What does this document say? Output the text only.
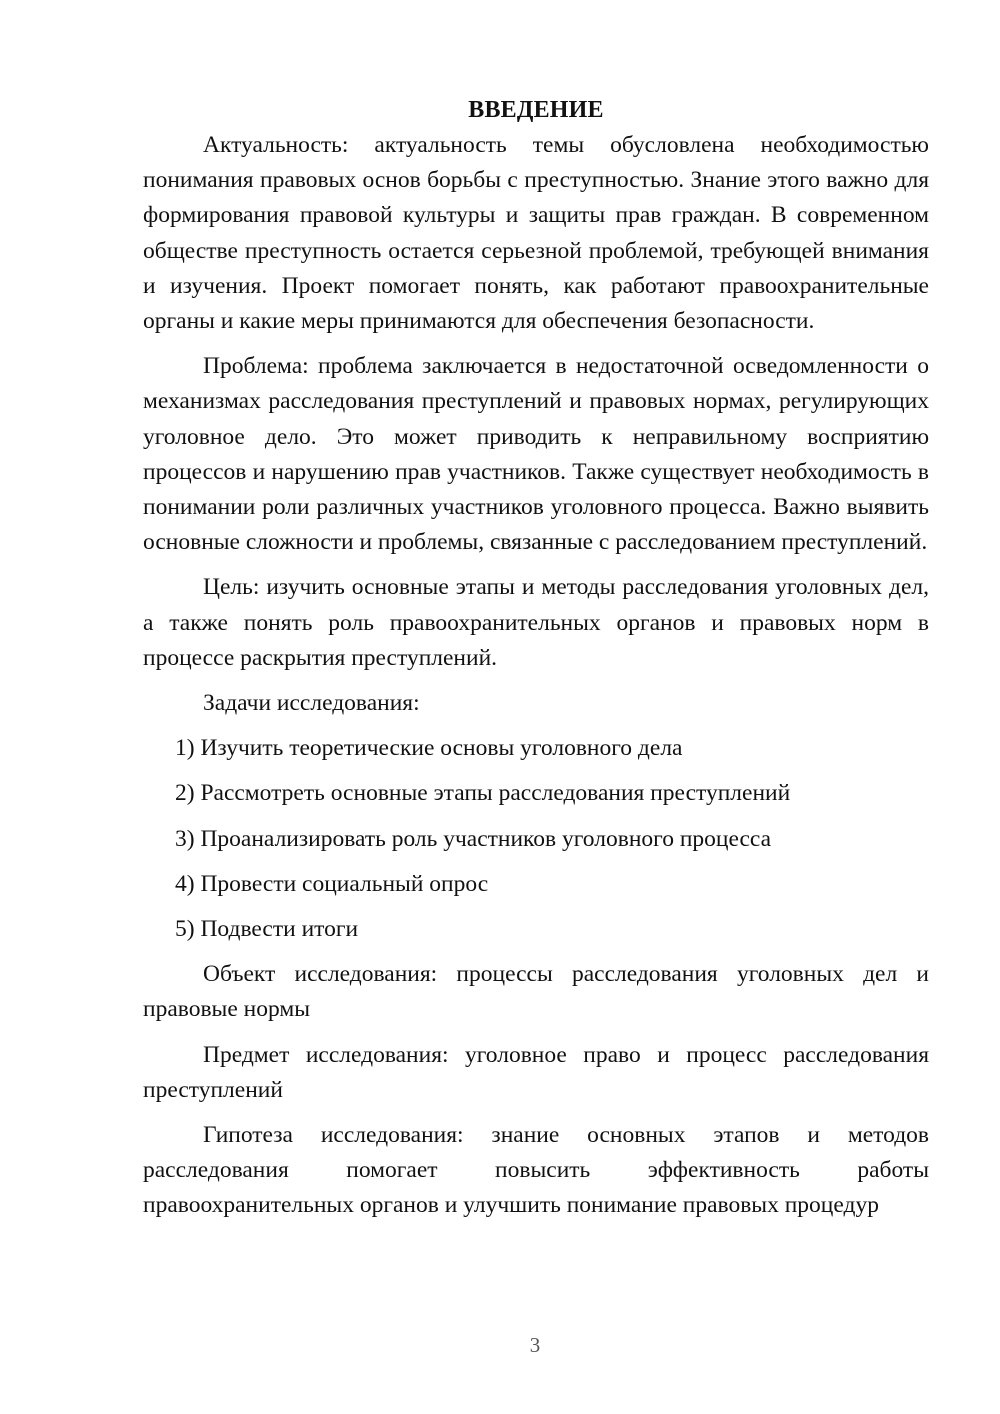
ВВЕДЕНИЕ

Актуальность: актуальность темы обусловлена необходимостью понимания правовых основ борьбы с преступностью. Знание этого важно для формирования правовой культуры и защиты прав граждан. В современном обществе преступность остается серьезной проблемой, требующей внимания и изучения. Проект помогает понять, как работают правоохранительные органы и какие меры принимаются для обеспечения безопасности.

Проблема: проблема заключается в недостаточной осведомленности о механизмах расследования преступлений и правовых нормах, регулирующих уголовное дело. Это может приводить к неправильному восприятию процессов и нарушению прав участников. Также существует необходимость в понимании роли различных участников уголовного процесса. Важно выявить основные сложности и проблемы, связанные с расследованием преступлений.

Цель: изучить основные этапы и методы расследования уголовных дел, а также понять роль правоохранительных органов и правовых норм в процессе раскрытия преступлений.

Задачи исследования:

1) Изучить теоретические основы уголовного дела
2) Рассмотреть основные этапы расследования преступлений
3) Проанализировать роль участников уголовного процесса
4) Провести социальный опрос
5) Подвести итоги

Объект исследования: процессы расследования уголовных дел и правовые нормы

Предмет исследования: уголовное право и процесс расследования преступлений

Гипотеза исследования: знание основных этапов и методов расследования помогает повысить эффективность работы правоохранительных органов и улучшить понимание правовых процедур

3
